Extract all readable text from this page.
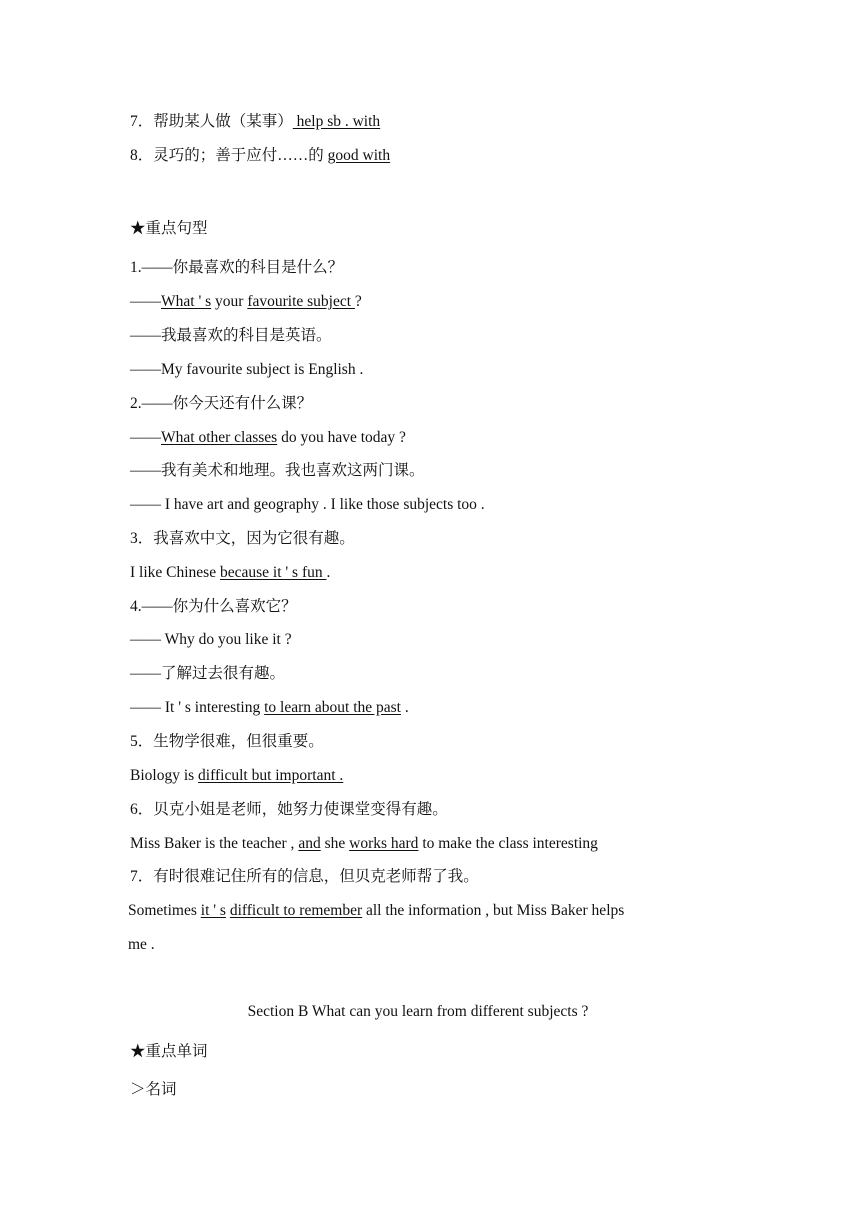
7．帮助某人做（某事） help sb . with
8．灵巧的；善于应付……的 good with
★重点句型
1.——你最喜欢的科目是什么？
——What ' s your favourite subject ?
——我最喜欢的科目是英语。
——My favourite subject is English .
2.——你今天还有什么课？
——What other classes do you have today ?
——我有美术和地理。我也喜欢这两门课。
—— I have art and geography . I like those subjects too .
3．我喜欢中文，因为它很有趣。
I like Chinese because it ' s fun .
4.——你为什么喜欢它？
—— Why do you like it ?
——了解过去很有趣。
—— It ' s interesting to learn about the past .
5．生物学很难，但很重要。
Biology is difficult but important .
6．贝克小姐是老师，她努力使课堂变得有趣。
Miss Baker is the teacher , and she works hard to make the class interesting
7．有时很难记住所有的信息，但贝克老师帮了我。
Sometimes it ' s difficult to remember all the information , but Miss Baker helps
me .
Section B What can you learn from different subjects ?
★重点单词
＞名词
